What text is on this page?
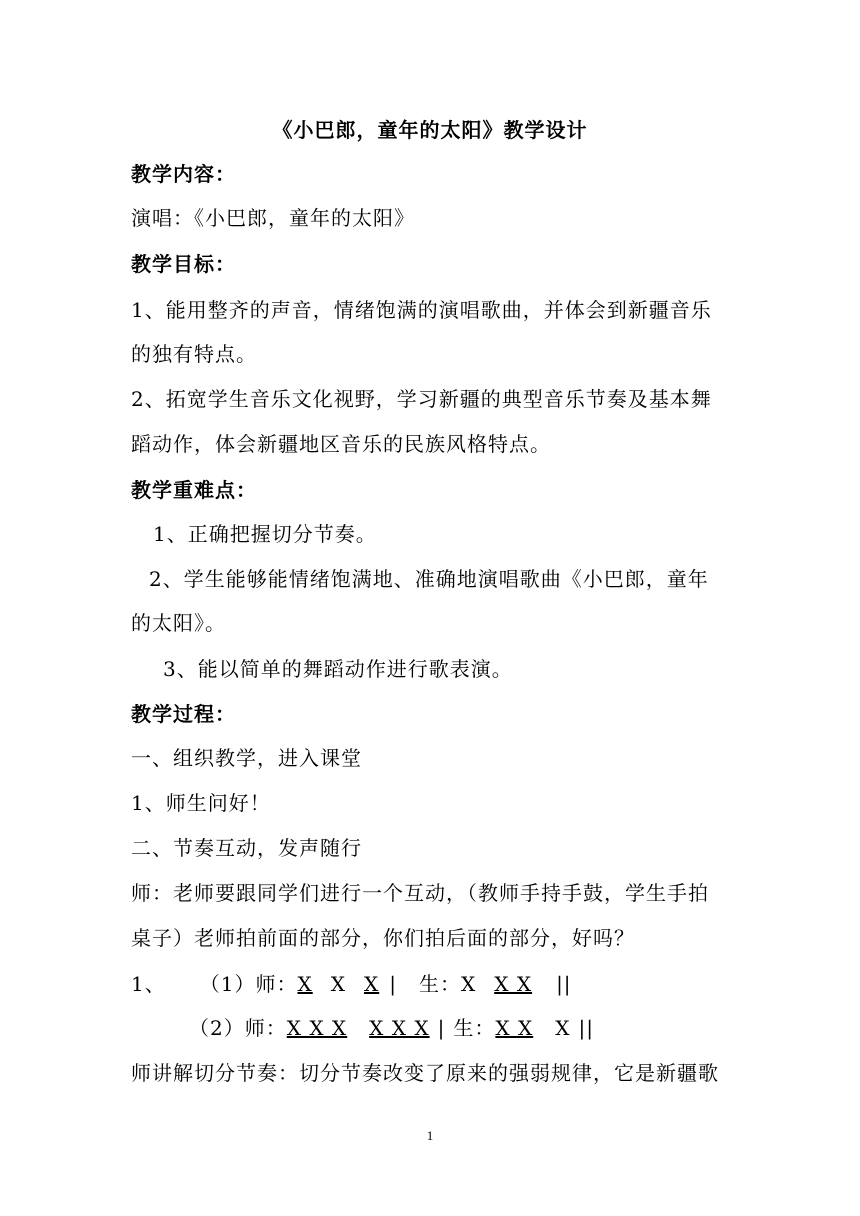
《小巴郎，童年的太阳》教学设计
教学内容：
演唱：《小巴郎，童年的太阳》
教学目标：
1、能用整齐的声音，情绪饱满的演唱歌曲，并体会到新疆音乐
的独有特点。
2、拓宽学生音乐文化视野，学习新疆的典型音乐节奏及基本舞
蹈动作，体会新疆地区音乐的民族风格特点。
教学重难点：
1、正确把握切分节奏。
2、学生能够能情绪饱满地、准确地演唱歌曲《小巴郎，童年
的太阳》。
3、能以简单的舞蹈动作进行歌表演。
教学过程：
一、组织教学，进入课堂
1、师生问好！
二、节奏互动，发声随行
师：老师要跟同学们进行一个互动，（教师手持手鼓，学生手拍
桌子）老师拍前面的部分，你们拍后面的部分，好吗？
1、 （1）师：X X X | 生：X X X ||
（2）师：X X X X X X | 生：X X X ||
师讲解切分节奏：切分节奏改变了原来的强弱规律，它是新疆歌
1
